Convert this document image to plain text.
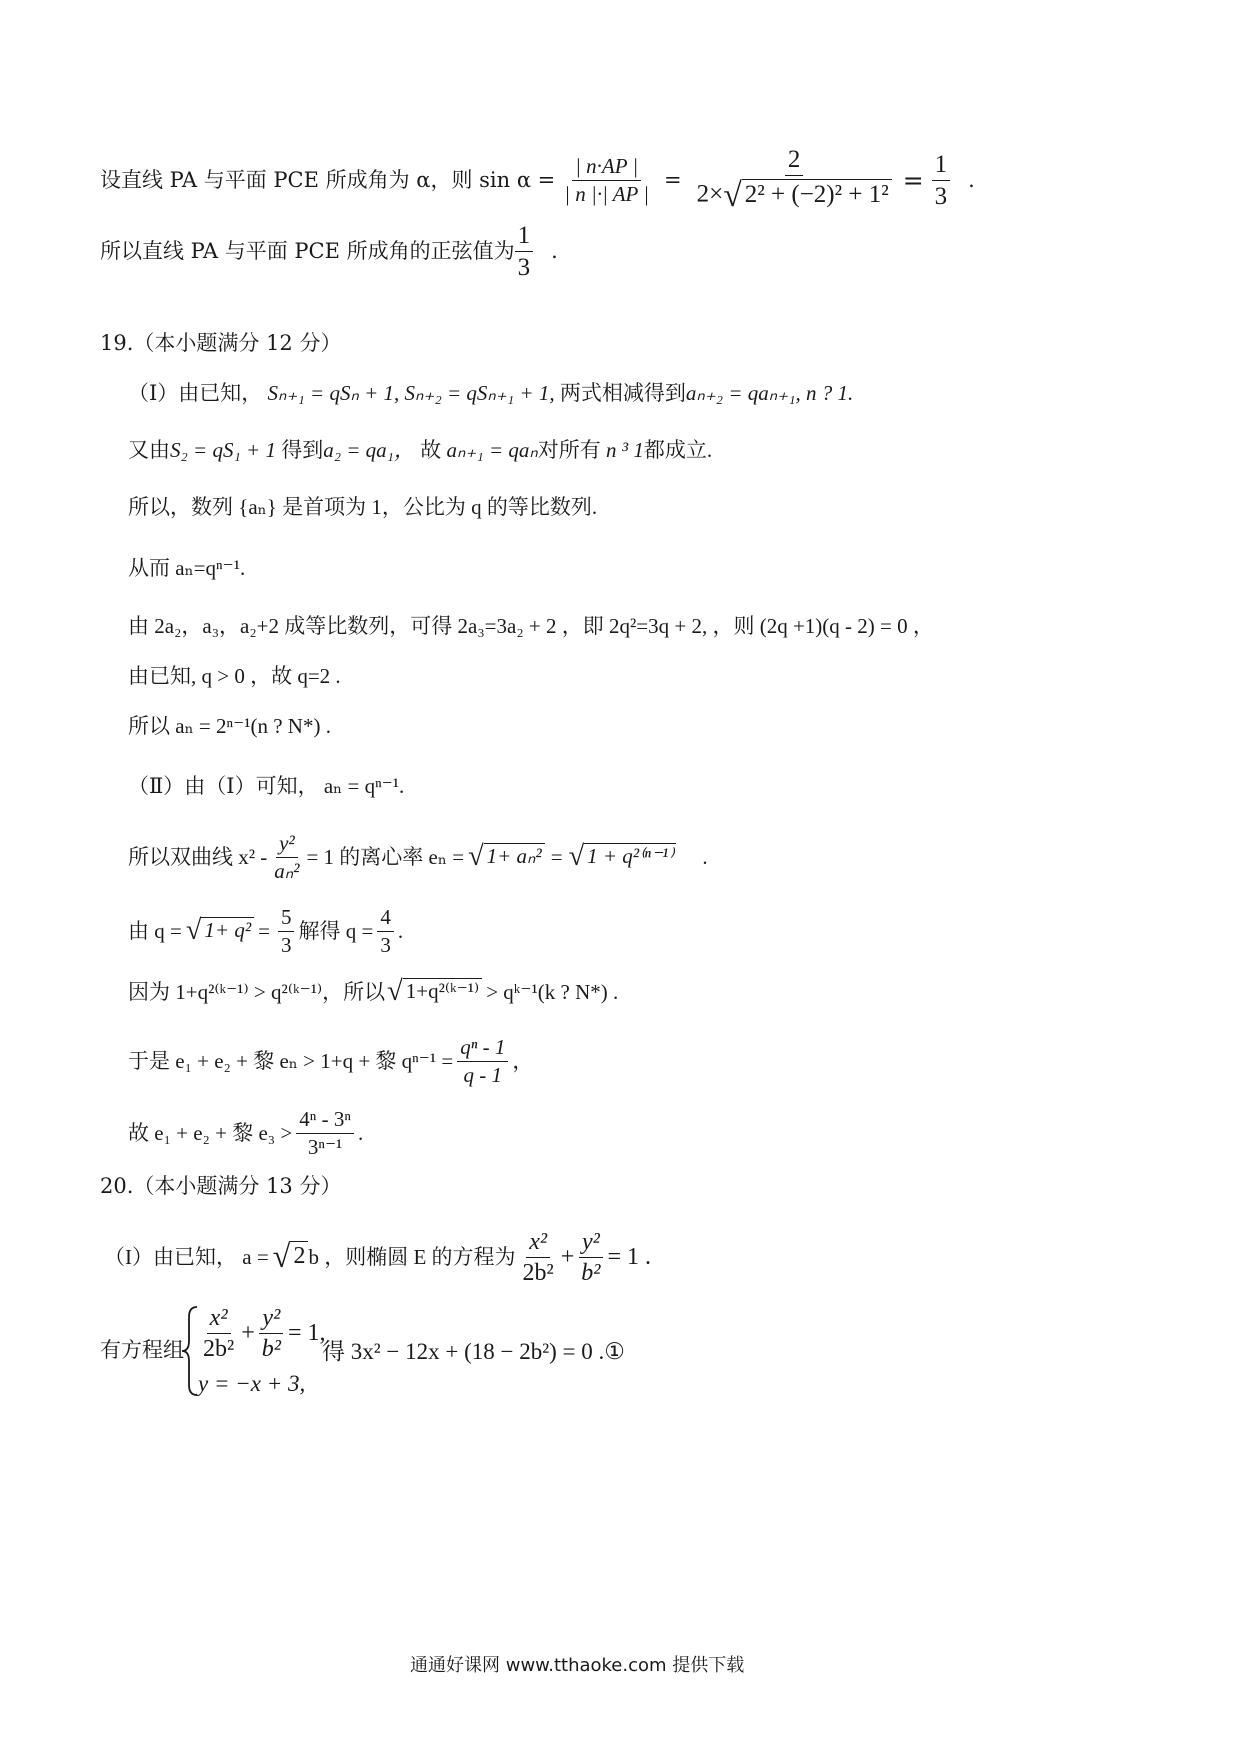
设直线 PA 与平面 PCE 所成角为 α，则 $\sin \alpha = \frac{| n\cdot AP |}{| n |\cdot| AP |} = \frac{2}{\text{2× √ 2² + (−2)² + 1²}} = \frac{1}{3}$ .
所以直线 PA 与平面 PCE 所成角的正弦值为 $\frac{1}{3}$ .
19.（本小题满分 12 分）
（Ⅰ）由已知， Sₙ₊₁ = qSₙ + 1, Sₙ₊₂ = qSₙ₊₁ + 1, 两式相减得到aₙ₊₂ = qaₙ₊₁, n ? 1.
又由S₂ = qS₁ + 1 得到a₂ = qa₁， 故 aₙ₊₁ = qaₙ对所有 n ³ 1都成立.
所以，数列 {aₙ} 是首项为 1，公比为 q 的等比数列.
从而 aₙ=qⁿ⁻¹.
由 2a₂，a₃，a₂+2 成等比数列，可得 2a₃=3a₂ + 2 ，即 2q²=3q + 2, ，则 (2q +1)(q - 2) = 0 ，
由已知, q > 0 ，故 q=2 .
所以 aₙ = 2ⁿ⁻¹(n ? N*) .
（Ⅱ）由（Ⅰ）可知， aₙ = qⁿ⁻¹.
所以双曲线 $x^2 - \frac{\text{y²}}{\text{aₙ²}} = 1$ 的离心率 eₙ = √ 1+ aₙ² = √ 1 + q²⁽ⁿ⁻¹⁾ .
由 q = √ $1+ q^2 = \frac{5}{3}$ 解得 $q = \frac{4}{3}$ .
因为 1+q²⁽ᵏ⁻¹⁾ > q²⁽ᵏ⁻¹⁾，所以 √ 1+q²⁽ᵏ⁻¹⁾ > qᵏ⁻¹(k ? N*) .
于是 e₁ + e₂ + 黎 eₙ > 1+q + 黎 $q^{n-1} = \frac{\text{qⁿ - 1}}{q - 1}$ ，
故 e₁ + e₂ + 黎 $e_3 > \frac{\text{4ⁿ - 3ⁿ}}{\text{3ⁿ⁻¹}}$ .
20.（本小题满分 13 分）
（I）由已知， a = √ 2 b ，则椭圆 E 的方程为 $\frac{\text{x²}}{\text{2b²}} + \frac{\text{y²}}{\text{b²}} = 1$ .
有方程组 $\frac{\text{x²}}{\text{2b²}} + \frac{\text{y²}}{\text{b²}} = 1$,
y = −x + 3,
得 3x² − 12x + (18 − 2b²) = 0 .①
通通好课网 www.tthaoke.com 提供下载
